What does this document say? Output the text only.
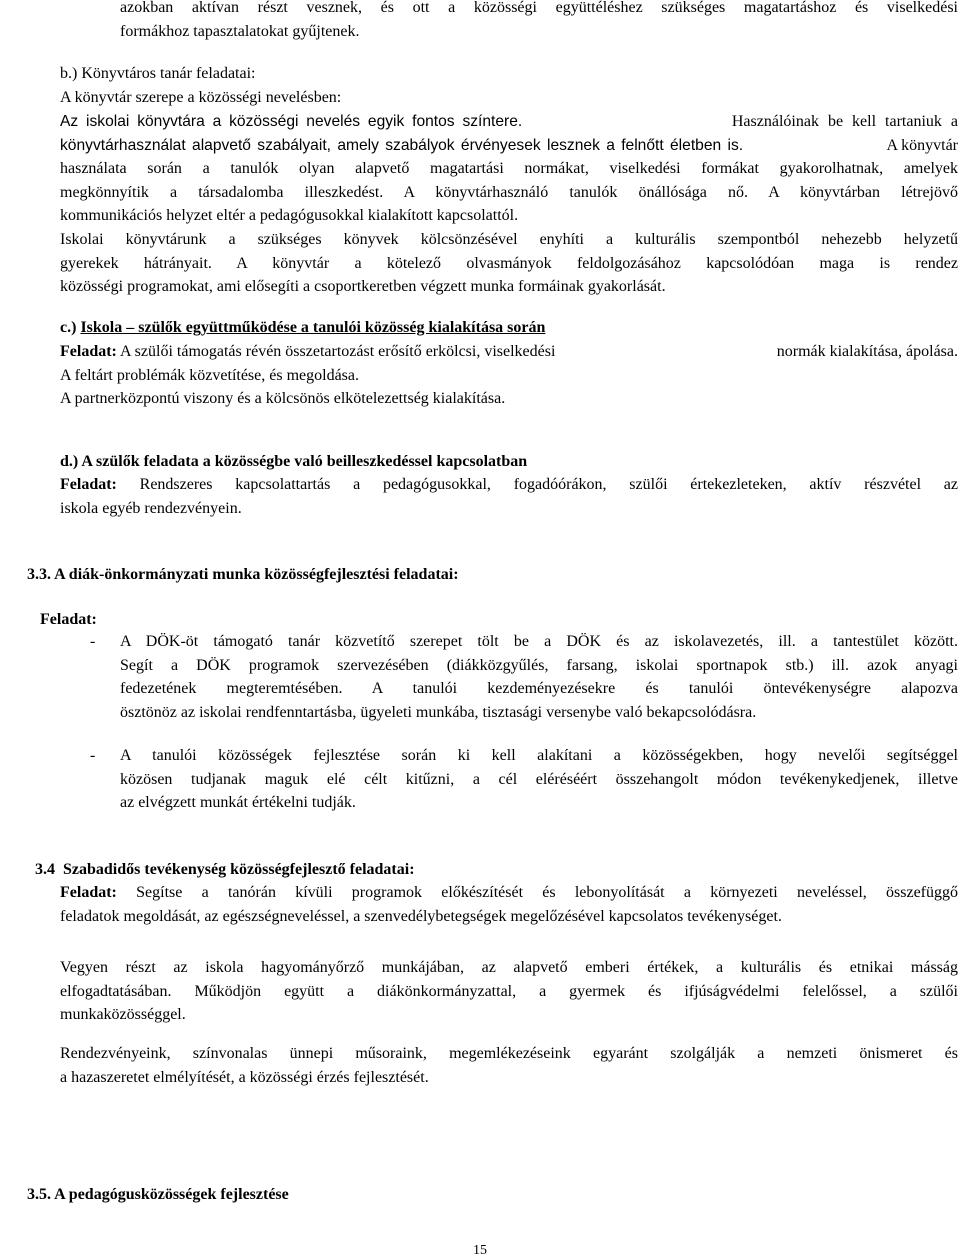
azokban aktívan részt vesznek, és ott a közösségi együttéléshez szükséges magatartáshoz és viselkedési
formákhoz tapasztalatokat gyűjtenek.
b.) Könyvtáros tanár feladatai:
A könyvtár szerepe a közösségi nevelésben:
Az iskolai könyvtára a közösségi nevelés egyik fontos színtere.	Használóinak be kell tartaniuk a
könyvtárhasználat alapvető szabályait, amely szabályok érvényesek lesznek a felnőtt életben is.	A könyvtár
használata során a tanulók olyan alapvető magatartási normákat, viselkedési formákat gyakorolhatnak, amelyek
megkönnyítik a társadalomba illeszkedést. A könyvtárhasználó tanulók önállósága nő. A könyvtárban létrejövő
kommunikációs helyzet eltér a pedagógusokkal kialakított kapcsolattól.
Iskolai könyvtárunk a szükséges könyvek kölcsönzésével enyhíti a kulturális szempontból nehezebb helyzetű
gyerekek hátrányait. A könyvtár a kötelező olvasmányok feldolgozásához kapcsolódóan maga is rendez
közösségi programokat, ami elősegíti a csoportkeretben végzett munka formáinak gyakorlását.
c.) Iskola – szülők együttműködése a tanulói közösség kialakítása során
Feladat: A szülői támogatás révén összetartozást erősítő erkölcsi, viselkedési	normák kialakítása, ápolása.
A feltárt problémák közvetítése, és megoldása.
A partnerközpontú viszony és a kölcsönös elkötelezettség kialakítása.
d.) A szülők feladata a közösségbe való beilleszkedéssel kapcsolatban
Feladat: Rendszeres kapcsolattartás a pedagógusokkal, fogadóórákon, szülői értekezleteken, aktív részvétel az
iskola egyéb rendezvényein.
3.3. A diák-önkormányzati munka közösségfejlesztési feladatai:
Feladat:
- A DÖK-öt támogató tanár közvetítő szerepet tölt be a DÖK és az iskolavezetés, ill. a tantestület között.
Segít a DÖK programok szervezésében (diákközgyűlés, farsang, iskolai sportnapok stb.) ill. azok anyagi
fedezetének megteremtésében. A tanulói kezdeményezésekre és tanulói öntevékenységre alapozva
ösztönöz az iskolai rendfenntartásba, ügyeleti munkába, tisztasági versenybe való bekapcsolódásra.
- A tanulói közösségek fejlesztése során ki kell alakítani a közösségekben, hogy nevelői segítséggel
közösen tudjanak maguk elé célt kitűzni, a cél eléréséért összehangolt módon tevékenykedjenek, illetve
az elvégzett munkát értékelni tudják.

3.4  Szabadidős tevékenység közösségfejlesztő feladatai:

Feladat: Segítse a tanórán kívüli programok előkészítését és lebonyolítását a környezeti neveléssel, összefüggő
feladatok megoldását, az egészségneveléssel, a szenvedélybetegségek megelőzésével kapcsolatos tevékenységet.
Vegyen részt az iskola hagyományőrző munkájában, az alapvető emberi értékek, a kulturális és etnikai másság
elfogadtatásában. Működjön együtt a diákönkormányzattal, a gyermek és ifjúságvédelmi felelőssel, a szülői
munkaközösséggel.
Rendezvényeink, színvonalas ünnepi műsoraink, megemlékezéseink egyaránt szolgálják a nemzeti önismeret és
a hazaszeretet elmélyítését, a közösségi érzés fejlesztését.
3.5. A pedagógusközösségek fejlesztése
15
